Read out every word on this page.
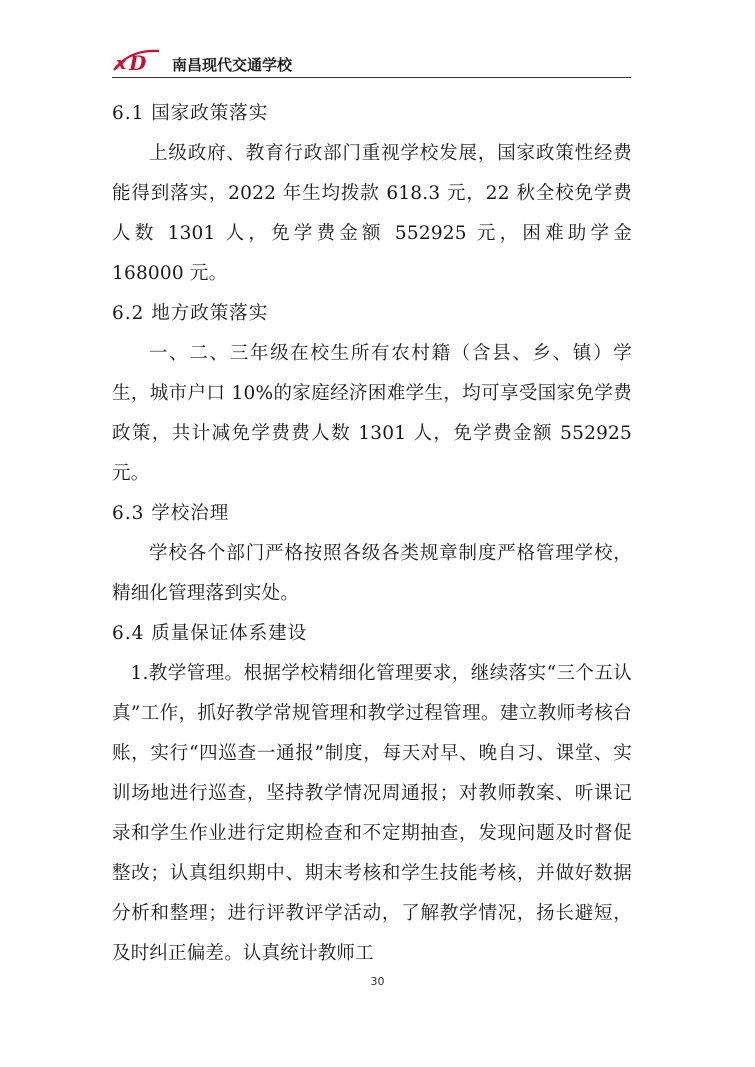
x D 南昌现代交通学校

6.1 国家政策落实

上级政府、教育行政部门重视学校发展，国家政策性经费能得到落实，2022 年生均拨款 618.3 元，22 秋全校免学费人数 1301 人，免学费金额 552925 元，困难助学金 168000 元。

6.2 地方政策落实

一、二、三年级在校生所有农村籍（含县、乡、镇）学生，城市户口 10%的家庭经济困难学生，均可享受国家免学费政策，共计减免学费费人数 1301 人，免学费金额 552925 元。

6.3 学校治理

学校各个部门严格按照各级各类规章制度严格管理学校，精细化管理落到实处。

6.4 质量保证体系建设

1.教学管理。根据学校精细化管理要求，继续落实“三个五认真”工作，抓好教学常规管理和教学过程管理。建立教师考核台账，实行“四巡查一通报”制度，每天对早、晚自习、课堂、实训场地进行巡查，坚持教学情况周通报；对教师教案、听课记录和学生作业进行定期检查和不定期抽查，发现问题及时督促整改；认真组织期中、期末考核和学生技能考核，并做好数据分析和整理；进行评教评学活动，了解教学情况，扬长避短，及时纠正偏差。认真统计教师工

30
